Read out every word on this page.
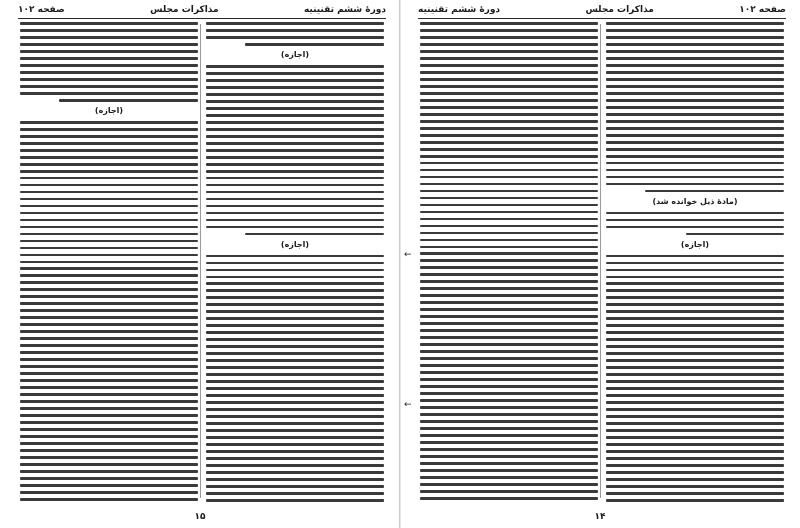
دورهٔ ششم تقنینیه
مذاکرات مجلس
صفحه ۱۰۲
(اجازه)
(اجازه)
(اجازه)
۱۵
صفحه ۱۰۲
مذاکرات مجلس
دورهٔ ششم تقنینیه
(مادهٔ ذیل خوانده شد)
(اجازه)
←
←
۱۴
